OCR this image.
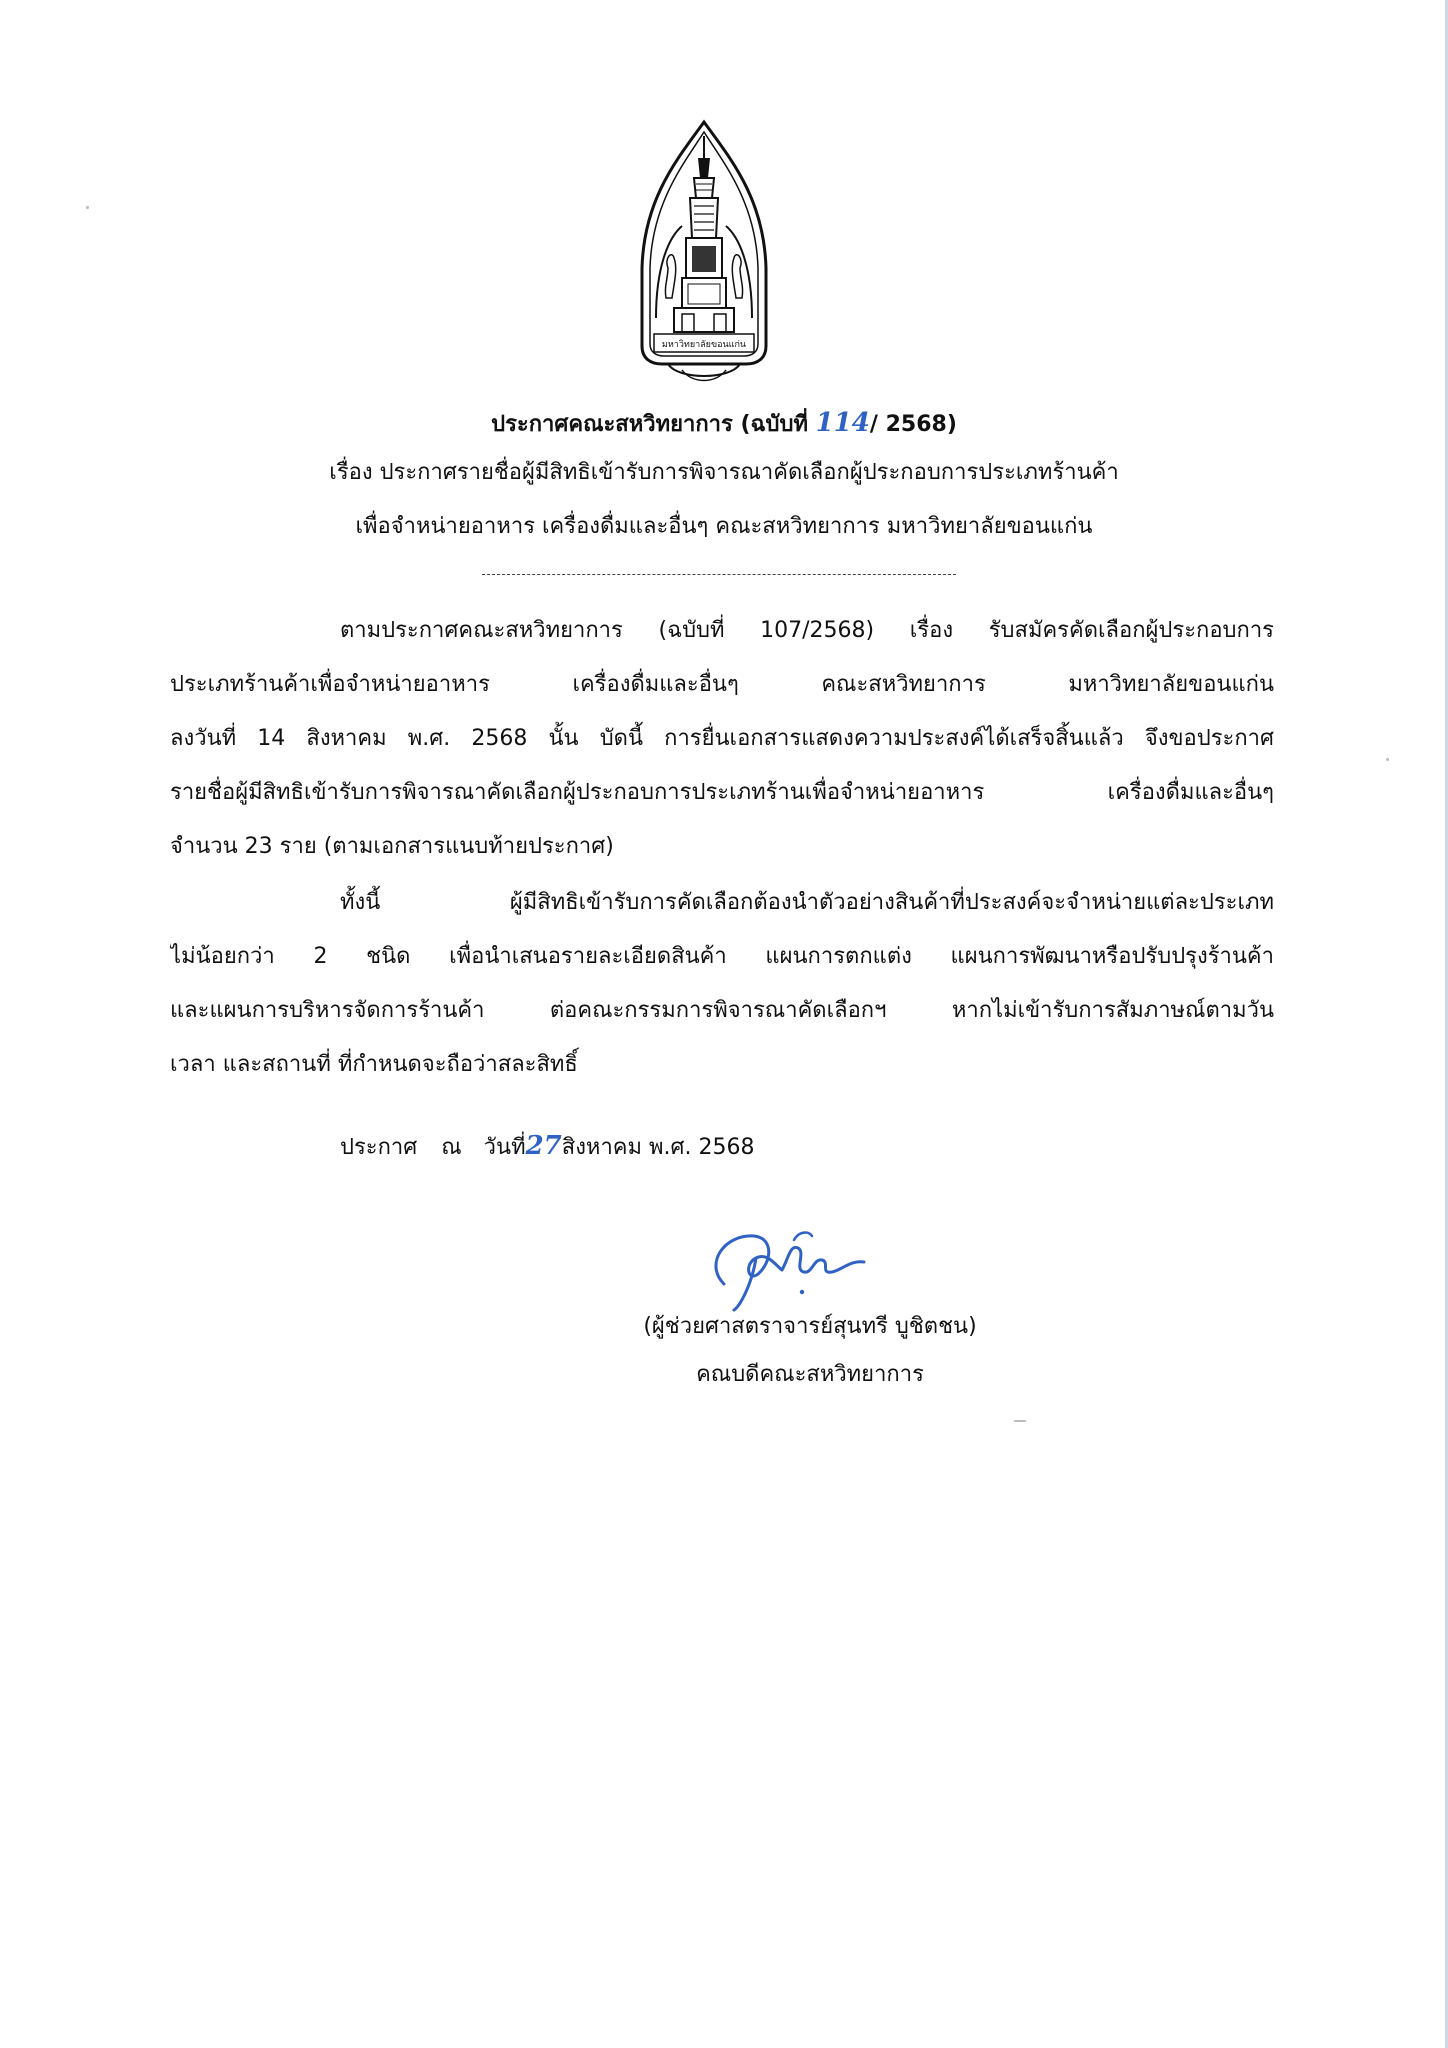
มหาวิทยาลัยขอนแก่น
ประกาศคณะสหวิทยาการ (ฉบับที่ 114/ 2568)
เรื่อง ประกาศรายชื่อผู้มีสิทธิเข้ารับการพิจารณาคัดเลือกผู้ประกอบการประเภทร้านค้า
เพื่อจำหน่ายอาหาร เครื่องดื่มและอื่นๆ คณะสหวิทยาการ มหาวิทยาลัยขอนแก่น
ตามประกาศคณะสหวิทยาการ (ฉบับที่ 107/2568) เรื่อง รับสมัครคัดเลือกผู้ประกอบการ
ประเภทร้านค้าเพื่อจำหน่ายอาหาร เครื่องดื่มและอื่นๆ คณะสหวิทยาการ มหาวิทยาลัยขอนแก่น
ลงวันที่ 14 สิงหาคม พ.ศ. 2568 นั้น บัดนี้ การยื่นเอกสารแสดงความประสงค์ได้เสร็จสิ้นแล้ว จึงขอประกาศ
รายชื่อผู้มีสิทธิเข้ารับการพิจารณาคัดเลือกผู้ประกอบการประเภทร้านเพื่อจำหน่ายอาหาร เครื่องดื่มและอื่นๆ
จำนวน 23 ราย (ตามเอกสารแนบท้ายประกาศ)
ทั้งนี้ ผู้มีสิทธิเข้ารับการคัดเลือกต้องนำตัวอย่างสินค้าที่ประสงค์จะจำหน่ายแต่ละประเภท
ไม่น้อยกว่า 2 ชนิด เพื่อนำเสนอรายละเอียดสินค้า แผนการตกแต่ง แผนการพัฒนาหรือปรับปรุงร้านค้า
และแผนการบริหารจัดการร้านค้า ต่อคณะกรรมการพิจารณาคัดเลือกฯ หากไม่เข้ารับการสัมภาษณ์ตามวัน
เวลา และสถานที่ ที่กำหนดจะถือว่าสละสิทธิ์
ประกาศ ณ วันที่27สิงหาคม พ.ศ. 2568
(ผู้ช่วยศาสตราจารย์สุนทรี บูชิตชน)
คณบดีคณะสหวิทยาการ
